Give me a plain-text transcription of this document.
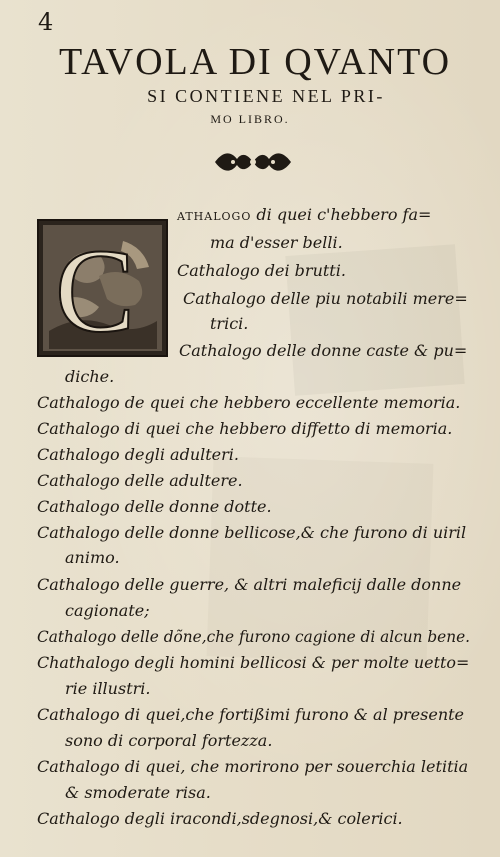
4
TAVOLA DI QVANTO
SI CONTIENE NEL PRI-
MO LIBRO.
C
ATHALOGO di quei c'hebbero fa=
ma d'esser belli.
Cathalogo dei brutti.
Cathalogo delle piu notabili mere=
trici.
Cathalogo delle donne caste & pu=
diche.
Cathalogo de quei che hebbero eccellente memoria.
Cathalogo di quei che hebbero diffetto di memoria.
Cathalogo degli adulteri.
Cathalogo delle adultere.
Cathalogo delle donne dotte.
Cathalogo delle donne bellicose,& che furono di uiril
animo.
Cathalogo delle guerre, & altri maleficij dalle donne
cagionate;
Cathalogo delle dõne,che furono cagione di alcun bene.
Chathalogo degli homini bellicosi & per molte uetto=
rie illustri.
Cathalogo di quei,che fortißimi furono & al presente
sono di corporal fortezza.
Cathalogo di quei, che morirono per souerchia letitia
& smoderate risa.
Cathalogo degli iracondi,sdegnosi,& colerici.
